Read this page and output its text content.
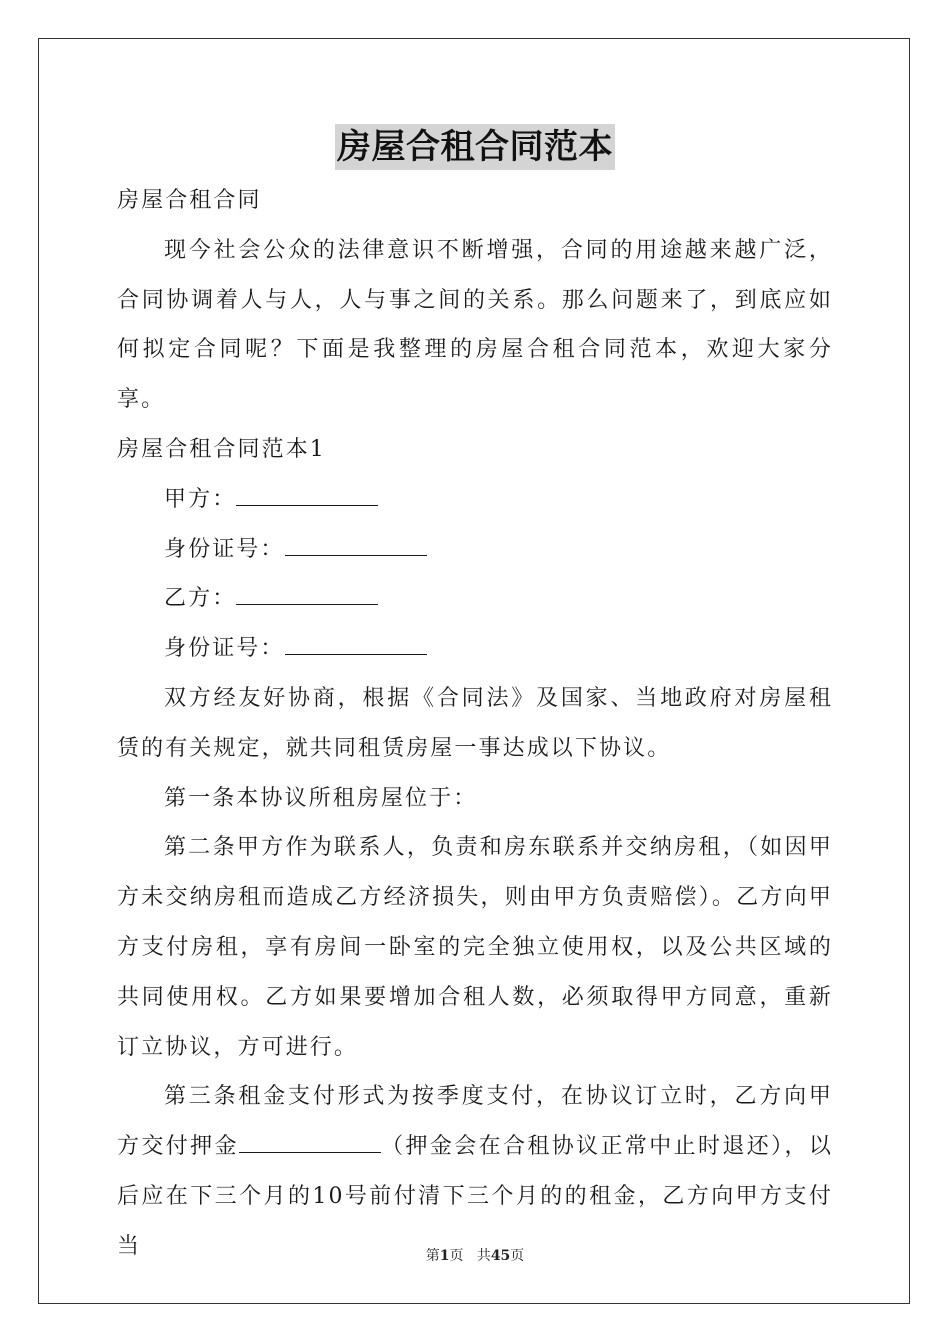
房屋合租合同范本

房屋合租合同

现今社会公众的法律意识不断增强，合同的用途越来越广泛，合同协调着人与人，人与事之间的关系。那么问题来了，到底应如何拟定合同呢？下面是我整理的房屋合租合同范本，欢迎大家分享。

房屋合租合同范本1

甲方：

身份证号：

乙方：

身份证号：

双方经友好协商，根据《合同法》及国家、当地政府对房屋租赁的有关规定，就共同租赁房屋一事达成以下协议。

第一条本协议所租房屋位于：

第二条甲方作为联系人，负责和房东联系并交纳房租，（如因甲方未交纳房租而造成乙方经济损失，则由甲方负责赔偿）。乙方向甲方支付房租，享有房间一卧室的完全独立使用权，以及公共区域的共同使用权。乙方如果要增加合租人数，必须取得甲方同意，重新订立协议，方可进行。

第三条租金支付形式为按季度支付，在协议订立时，乙方向甲方交付押金	（押金会在合租协议正常中止时退还），以后应在下三个月的10号前付清下三个月的的租金，乙方向甲方支付当	第1页 共45页
